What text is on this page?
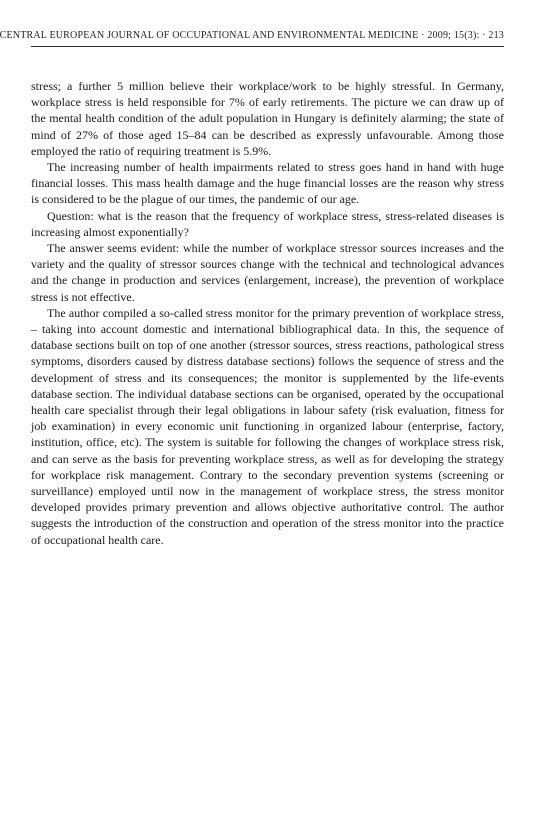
CENTRAL EUROPEAN JOURNAL OF OCCUPATIONAL AND ENVIRONMENTAL MEDICINE · 2009; 15(3): · 213

stress; a further 5 million believe their workplace/work to be highly stressful. In Germany, workplace stress is held responsible for 7% of early retirements. The picture we can draw up of the mental health condition of the adult population in Hungary is definitely alarming; the state of mind of 27% of those aged 15–84 can be described as expressly unfavourable. Among those employed the ratio of requiring treatment is 5.9%.

The increasing number of health impairments related to stress goes hand in hand with huge financial losses. This mass health damage and the huge financial losses are the reason why stress is considered to be the plague of our times, the pandemic of our age.

Question: what is the reason that the frequency of workplace stress, stress-related diseases is increasing almost exponentially?

The answer seems evident: while the number of workplace stressor sources increases and the variety and the quality of stressor sources change with the technical and technological advances and the change in production and services (enlargement, increase), the prevention of workplace stress is not effective.

The author compiled a so-called stress monitor for the primary prevention of workplace stress, – taking into account domestic and international bibliographical data. In this, the sequence of database sections built on top of one another (stressor sources, stress reactions, pathological stress symptoms, disorders caused by distress database sections) follows the sequence of stress and the development of stress and its consequences; the monitor is supplemented by the life-events database section. The individual database sections can be organised, operated by the occupational health care specialist through their legal obligations in labour safety (risk evaluation, fitness for job examination) in every economic unit functioning in organized labour (enterprise, factory, institution, office, etc). The system is suitable for following the changes of workplace stress risk, and can serve as the basis for preventing workplace stress, as well as for developing the strategy for workplace risk management. Contrary to the secondary prevention systems (screening or surveillance) employed until now in the management of workplace stress, the stress monitor developed provides primary prevention and allows objective authoritative control. The author suggests the introduction of the construction and operation of the stress monitor into the practice of occupational health care.
